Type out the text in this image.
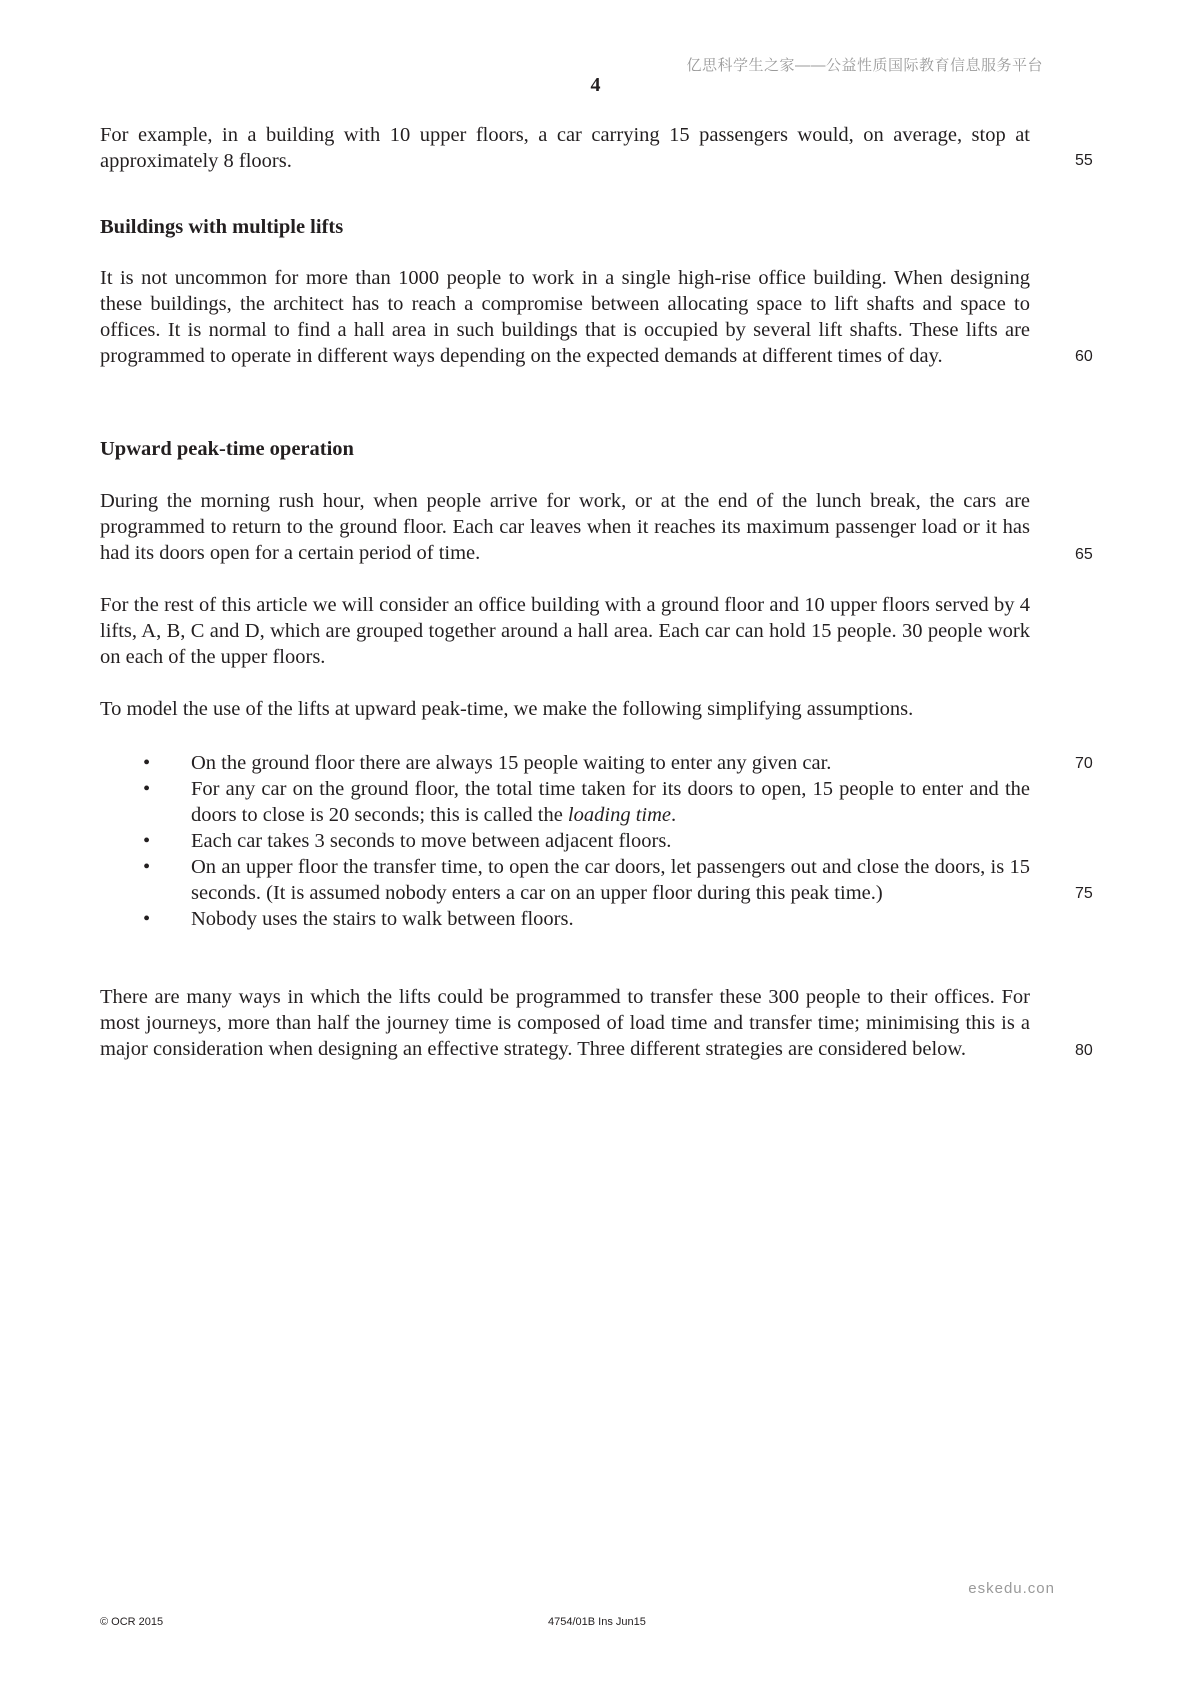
亿思科学生之家——公益性质国际教育信息服务平台
4

For example, in a building with 10 upper floors, a car carrying 15 passengers would, on average, stop at approximately 8 floors.	55

Buildings with multiple lifts

It is not uncommon for more than 1000 people to work in a single high-rise office building. When designing these buildings, the architect has to reach a compromise between allocating space to lift shafts and space to offices. It is normal to find a hall area in such buildings that is occupied by several lift shafts. These lifts are programmed to operate in different ways depending on the expected demands at different times of day.	60

Upward peak-time operation

During the morning rush hour, when people arrive for work, or at the end of the lunch break, the cars are programmed to return to the ground floor. Each car leaves when it reaches its maximum passenger load or it has had its doors open for a certain period of time.	65

For the rest of this article we will consider an office building with a ground floor and 10 upper floors served by 4 lifts, A, B, C and D, which are grouped together around a hall area. Each car can hold 15 people. 30 people work on each of the upper floors.

To model the use of the lifts at upward peak-time, we make the following simplifying assumptions.

• On the ground floor there are always 15 people waiting to enter any given car.
• For any car on the ground floor, the total time taken for its doors to open, 15 people to enter and the doors to close is 20 seconds; this is called the loading time.
• Each car takes 3 seconds to move between adjacent floors.
• On an upper floor the transfer time, to open the car doors, let passengers out and close the doors, is 15 seconds. (It is assumed nobody enters a car on an upper floor during this peak time.)
• Nobody uses the stairs to walk between floors.
70
75

There are many ways in which the lifts could be programmed to transfer these 300 people to their offices. For most journeys, more than half the journey time is composed of load time and transfer time; minimising this is a major consideration when designing an effective strategy. Three different strategies are considered below.	80
eskedu.con
© OCR 2015	4754/01B Ins Jun15
